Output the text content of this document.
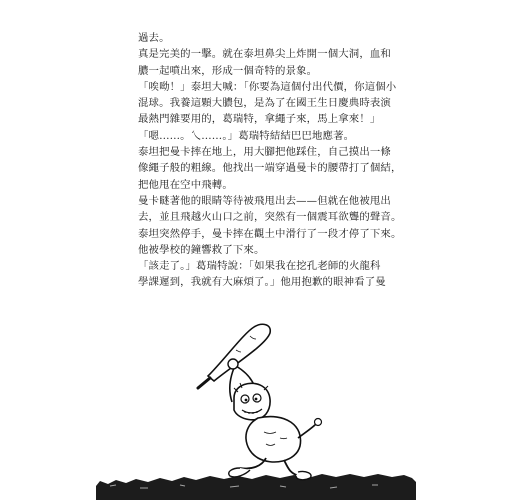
過去。
真是完美的一擊。就在泰坦鼻尖上炸開一個大洞，血和
膿一起噴出來，形成一個奇特的景象。
「唉呦！」泰坦大喊：「你要為這個付出代價，你這個小
混球。我養這顆大膿包，是為了在國王生日慶典時表演
最熱門雜要用的，葛瑞特，拿繩子來，馬上拿來！」
「嗯……。乀……。」葛瑞特結結巴巴地應著。
泰坦把曼卡摔在地上，用大腳把他踩住，自己摸出一條
像繩子般的粗線。他找出一端穿過曼卡的腰帶打了個結，
把他甩在空中飛轉。
曼卡瞇著他的眼睛等待被飛甩出去——但就在他被甩出
去，並且飛越火山口之前，突然有一個震耳欲聾的聲音。
泰坦突然停手，曼卡摔在觀土中滑行了一段才停了下來。
他被學校的鐘響救了下來。
「該走了。」葛瑞特說：「如果我在挖孔老師的火龍科
學課遲到，我就有大麻煩了。」他用抱歉的眼神看了曼
